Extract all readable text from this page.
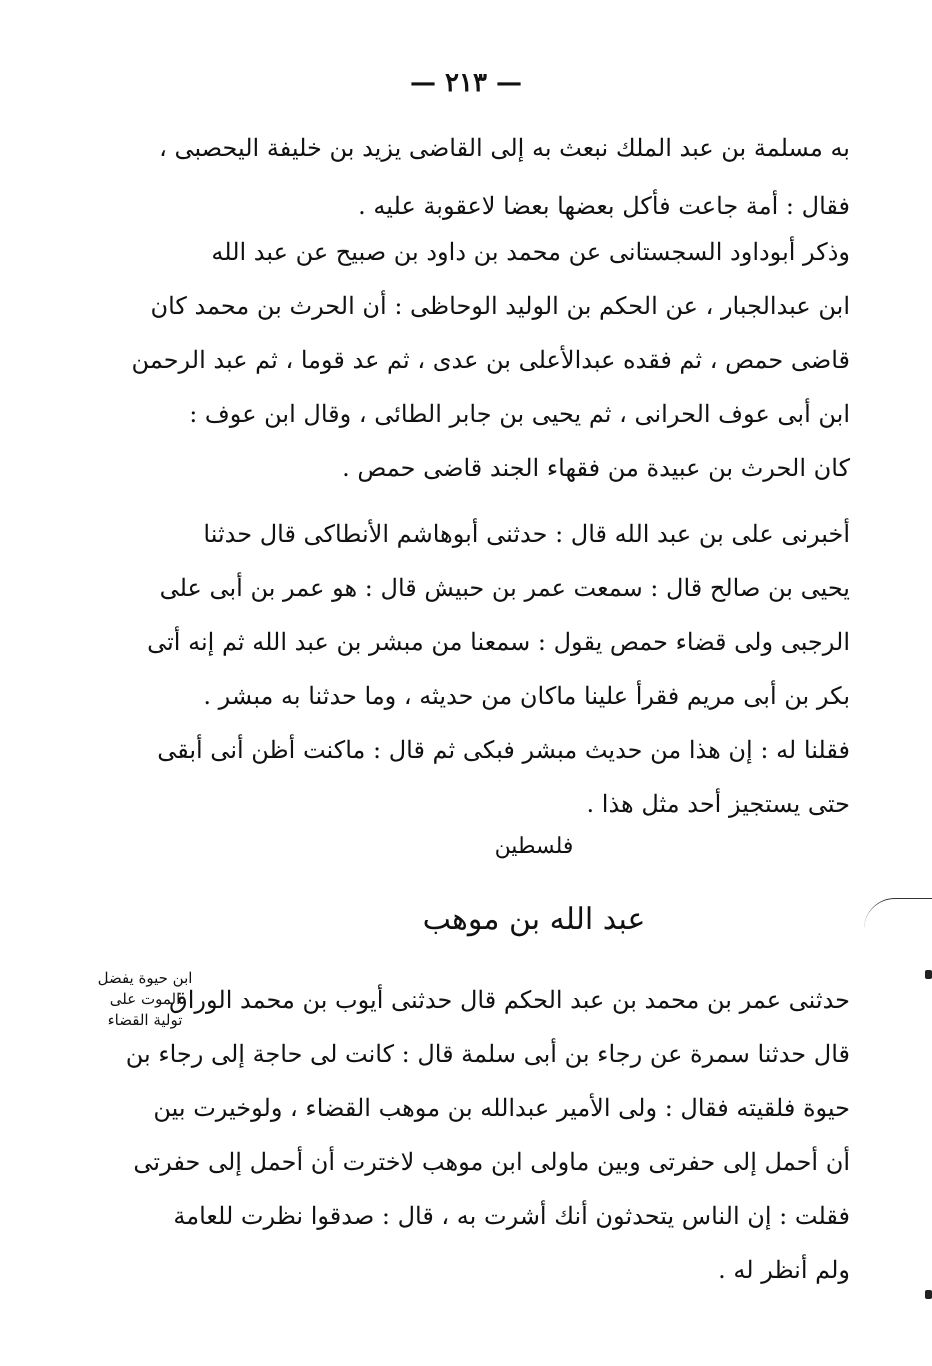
— ٢١٣ —
به مسلمة بن عبد الملك نبعث به إلى القاضى يزيد بن خليفة اليحصبى ،
فقال : أمة جاعت فأكل بعضها بعضا لاعقوبة عليه .
وذكر أبوداود السجستانى عن محمد بن داود بن صبيح عن عبد الله
ابن عبدالجبار ، عن الحكم بن الوليد الوحاظى : أن الحرث بن محمد كان
قاضى حمص ، ثم فقده عبدالأعلى بن عدى ، ثم عد قوما ، ثم عبد الرحمن
ابن أبى عوف الحرانى ، ثم يحيى بن جابر الطائى ، وقال ابن عوف :
كان الحرث بن عبيدة من فقهاء الجند قاضى حمص .
أخبرنى على بن عبد الله قال : حدثنى أبوهاشم الأنطاكى قال حدثنا
يحيى بن صالح قال : سمعت عمر بن حبيش قال : هو عمر بن أبى على
الرجبى ولى قضاء حمص يقول : سمعنا من مبشر بن عبد الله ثم إنه أتى
بكر بن أبى مريم فقرأ علينا ماكان من حديثه ، وما حدثنا به مبشر .
فقلنا له : إن هذا من حديث مبشر فبكى ثم قال : ماكنت أظن أنى أبقى
حتى يستجيز أحد مثل هذا .
فلسطين
عبد الله بن موهب
ابن حيوة يفضل
الموت على
تولية القضاء
حدثنى عمر بن محمد بن عبد الحكم قال حدثنى أيوب بن محمد الوراق
قال حدثنا سمرة عن رجاء بن أبى سلمة قال : كانت لى حاجة إلى رجاء بن
حيوة فلقيته فقال : ولى الأمير عبدالله بن موهب القضاء ، ولوخيرت بين
أن أحمل إلى حفرتى وبين ماولى ابن موهب لاخترت أن أحمل إلى حفرتى
فقلت : إن الناس يتحدثون أنك أشرت به ، قال : صدقوا نظرت للعامة
ولم أنظر له .
